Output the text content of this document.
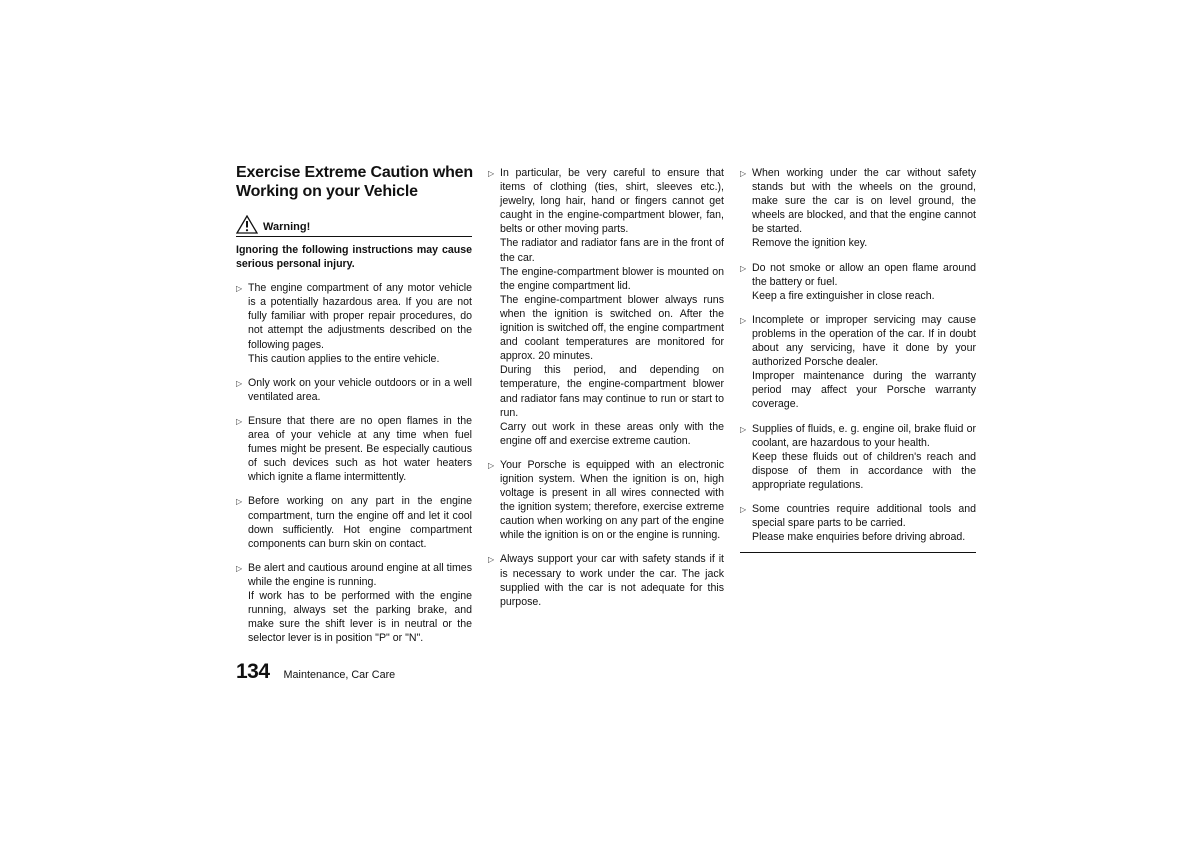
Exercise Extreme Caution when
Working on your Vehicle
Warning!
Ignoring the following instructions may cause serious personal injury.
▷ The engine compartment of any motor vehicle is a potentially hazardous area. If you are not fully familiar with proper repair procedures, do not attempt the adjustments described on the following pages.

This caution applies to the entire vehicle.

▷ Only work on your vehicle outdoors or in a well ventilated area.

▷ Ensure that there are no open flames in the area of your vehicle at any time when fuel fumes might be present. Be especially cautious of such devices such as hot water heaters which ignite a flame intermittently.

▷ Before working on any part in the engine compartment, turn the engine off and let it cool down sufficiently. Hot engine compartment components can burn skin on contact.

▷ Be alert and cautious around engine at all times while the engine is running.

If work has to be performed with the engine running, always set the parking brake, and make sure the shift lever is in neutral or the selector lever is in position "P" or "N".

▷ In particular, be very careful to ensure that items of clothing (ties, shirt, sleeves etc.), jewelry, long hair, hand or fingers cannot get caught in the engine-compartment blower, fan, belts or other moving parts.

The radiator and radiator fans are in the front of the car.

The engine-compartment blower is mounted on the engine compartment lid.

The engine-compartment blower always runs when the ignition is switched on. After the ignition is switched off, the engine compartment and coolant temperatures are monitored for approx. 20 minutes.

During this period, and depending on temperature, the engine-compartment blower and radiator fans may continue to run or start to run.

Carry out work in these areas only with the engine off and exercise extreme caution.

▷ Your Porsche is equipped with an electronic ignition system. When the ignition is on, high voltage is present in all wires connected with the ignition system; therefore, exercise extreme caution when working on any part of the engine while the ignition is on or the engine is running.

▷ Always support your car with safety stands if it is necessary to work under the car. The jack supplied with the car is not adequate for this purpose.

▷ When working under the car without safety stands but with the wheels on the ground, make sure the car is on level ground, the wheels are blocked, and that the engine cannot be started.

Remove the ignition key.

▷ Do not smoke or allow an open flame around the battery or fuel.

Keep a fire extinguisher in close reach.

▷ Incomplete or improper servicing may cause problems in the operation of the car. If in doubt about any servicing, have it done by your authorized Porsche dealer.

Improper maintenance during the warranty period may affect your Porsche warranty coverage.

▷ Supplies of fluids, e. g. engine oil, brake fluid or coolant, are hazardous to your health.

Keep these fluids out of children's reach and dispose of them in accordance with the appropriate regulations.

▷ Some countries require additional tools and special spare parts to be carried.

Please make enquiries before driving abroad.

134 Maintenance, Car Care
